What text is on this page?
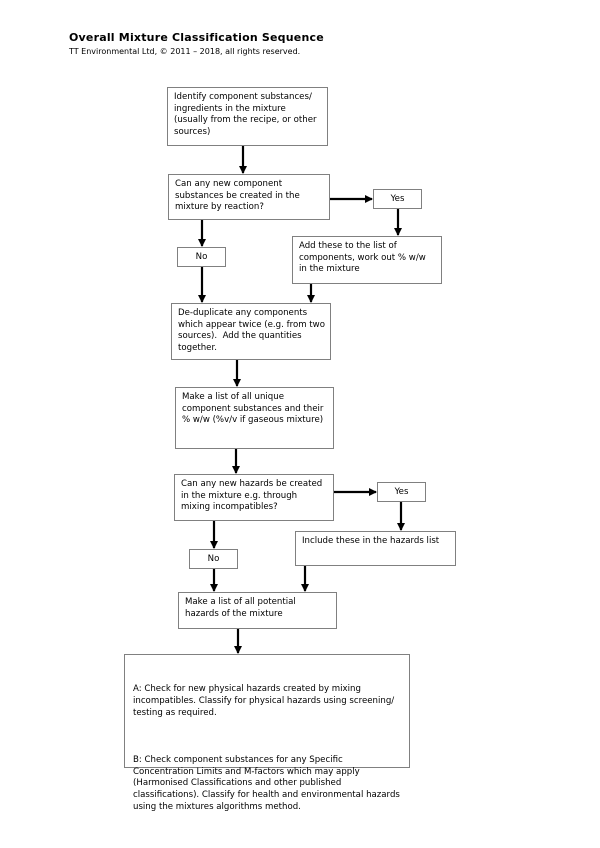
Overall Mixture Classification Sequence
TT Environmental Ltd, © 2011 – 2018, all rights reserved.
Identify component substances/ ingredients in the mixture (usually from the recipe, or other sources)
Can any new component substances be created in the mixture by reaction?
Yes
No
Add these to the list of components, work out % w/w in the mixture
De-duplicate any components which appear twice (e.g. from two sources).  Add the quantities together.
Make a list of all unique component substances and their % w/w (%v/v if gaseous mixture)
Can any new hazards be created in the mixture e.g. through mixing incompatibles?
Yes
No
Include these in the hazards list
Make a list of all potential hazards of the mixture

A: Check for new physical hazards created by mixing incompatibles. Classify for physical hazards using screening/ testing as required.

B: Check component substances for any Specific Concentration Limits and M-factors which may apply (Harmonised Classifications and other published classifications). Classify for health and environmental hazards using the mixtures algorithms method.
